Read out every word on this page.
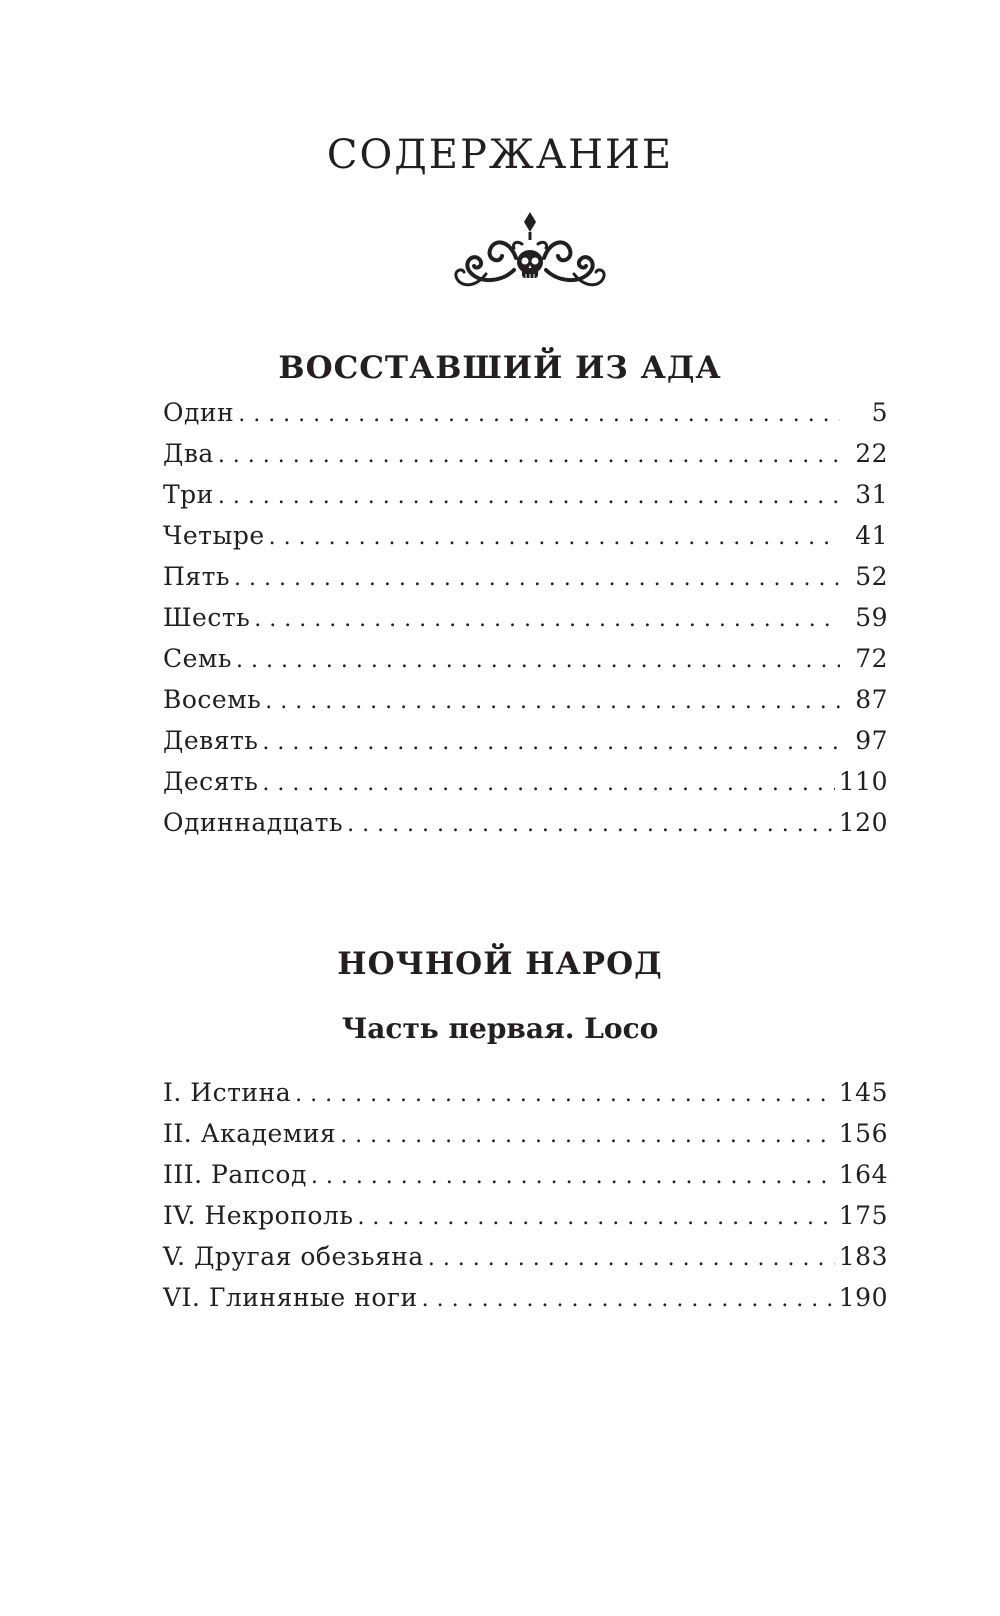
СОДЕРЖАНИЕ
ВОССТАВШИЙ ИЗ АДА
Один . . .	5
Два . . .	22
Три . . .	31
Четыре . . .	41
Пять . . .	52
Шесть . . .	59
Семь . . .	72
Восемь . . .	87
Девять . . .	97
Десять . . .	110
Одиннадцать . . .	120
НОЧНОЙ НАРОД
Часть первая. Loco
I. Истина . . .	145
II. Академия . . .	156
III. Рапсод . . .	164
IV. Некрополь . . .	175
V. Другая обезьяна . . .	183
VI. Глиняные ноги . . .	190
